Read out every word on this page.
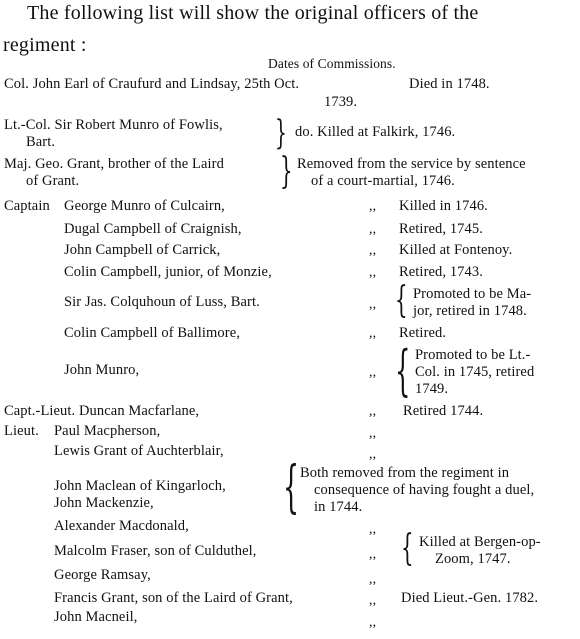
The following list will show the original officers of the
regiment :
Dates of Commissions.
Col. John Earl of Craufurd and Lindsay, 25th Oct.	Died in 1748.
1739.
Lt.-Col. Sir Robert Munro of Fowlis,
Bart.	} do. Killed at Falkirk, 1746.
Maj. Geo. Grant, brother of the Laird
of Grant.	} Removed from the service by sentence
of a court-martial, 1746.
Captain George Munro of Culcairn,	,, Killed in 1746.
Dugal Campbell of Craignish,	,, Retired, 1745.
John Campbell of Carrick,	,, Killed at Fontenoy.
Colin Campbell, junior, of Monzie,	,, Retired, 1743.
Sir Jas. Colquhoun of Luss, Bart.	,, { Promoted to be Ma-
jor, retired in 1748.
Colin Campbell of Ballimore,	,, Retired.
John Munro,	,, { Promoted to be Lt.-
Col. in 1745, retired
1749.
Capt.-Lieut. Duncan Macfarlane,	,, Retired 1744.
Lieut. Paul Macpherson,	,,
Lewis Grant of Auchterblair,	,,
John Maclean of Kingarloch,
John Mackenzie, { Both removed from the regiment in
consequence of having fought a duel,
in 1744.
Alexander Macdonald,	,,
Malcolm Fraser, son of Culduthel,	,, { Killed at Bergen-op-
Zoom, 1747.
George Ramsay,	,,
Francis Grant, son of the Laird of Grant,	,, Died Lieut.-Gen. 1782.
John Macneil,	,,
